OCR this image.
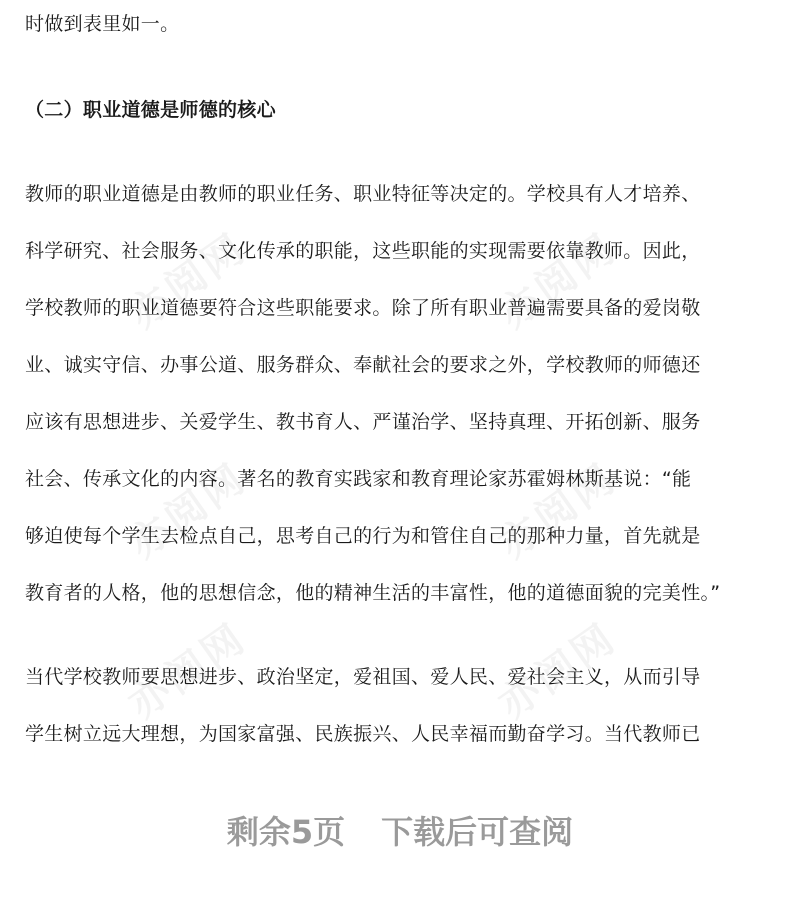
亦阅网	亦阅网
亦阅网	亦阅网
亦阅网	亦阅网
时做到表里如一。
（二）职业道德是师德的核心
教师的职业道德是由教师的职业任务、职业特征等决定的。学校具有人才培养、
科学研究、社会服务、文化传承的职能，这些职能的实现需要依靠教师。因此，
学校教师的职业道德要符合这些职能要求。除了所有职业普遍需要具备的爱岗敬
业、诚实守信、办事公道、服务群众、奉献社会的要求之外，学校教师的师德还
应该有思想进步、关爱学生、教书育人、严谨治学、坚持真理、开拓创新、服务
社会、传承文化的内容。著名的教育实践家和教育理论家苏霍姆林斯基说：“能
够迫使每个学生去检点自己，思考自己的行为和管住自己的那种力量，首先就是
教育者的人格，他的思想信念，他的精神生活的丰富性，他的道德面貌的完美性。”
当代学校教师要思想进步、政治坚定，爱祖国、爱人民、爱社会主义，从而引导
学生树立远大理想，为国家富强、民族振兴、人民幸福而勤奋学习。当代教师已
剩余5页 下载后可查阅
